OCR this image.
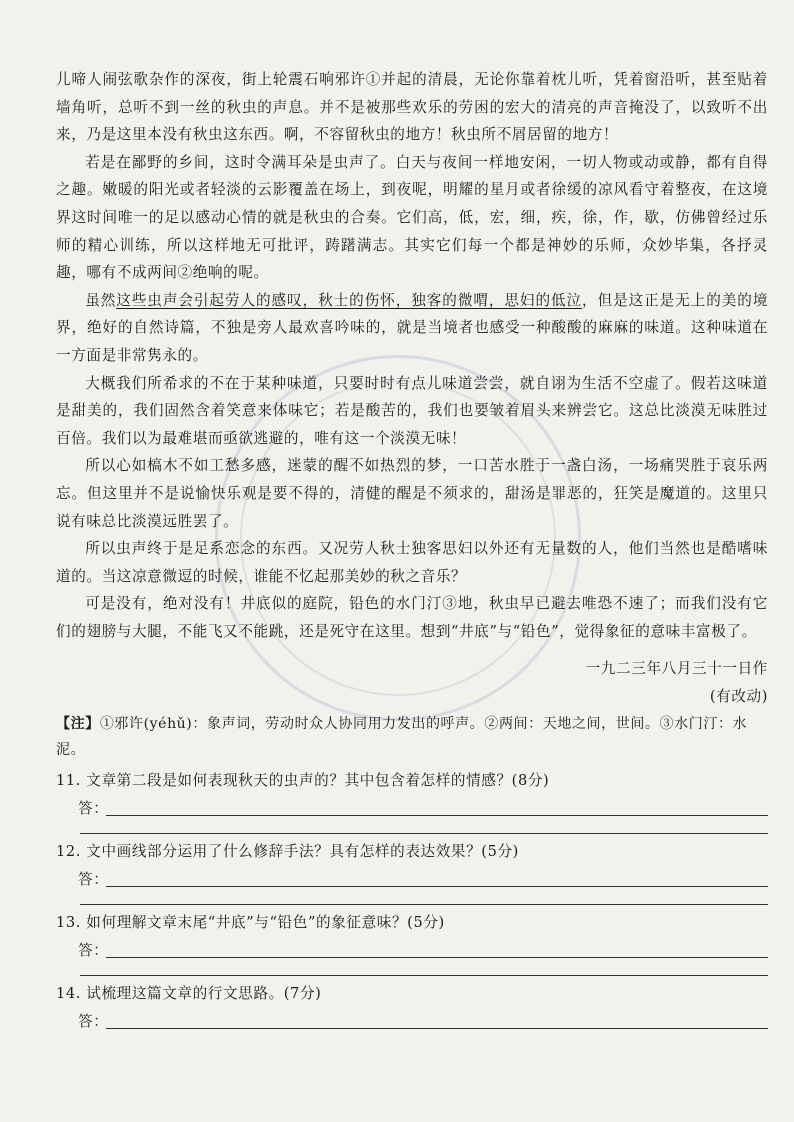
儿啼人闹弦歌杂作的深夜，街上轮震石响邪许①并起的清晨，无论你靠着枕儿听，凭着窗沿听，甚至贴着墙角听，总听不到一丝的秋虫的声息。并不是被那些欢乐的劳困的宏大的清亮的声音掩没了，以致听不出来，乃是这里本没有秋虫这东西。啊，不容留秋虫的地方！秋虫所不屑居留的地方！

若是在鄙野的乡间，这时令满耳朵是虫声了。白天与夜间一样地安闲，一切人物或动或静，都有自得之趣。嫩暖的阳光或者轻淡的云影覆盖在场上，到夜呢，明耀的星月或者徐缓的凉风看守着整夜，在这境界这时间唯一的足以感动心情的就是秋虫的合奏。它们高，低，宏，细，疾，徐，作，歇，仿佛曾经过乐师的精心训练，所以这样地无可批评，踌躇满志。其实它们每一个都是神妙的乐师，众妙毕集，各抒灵趣，哪有不成两间②绝响的呢。

虽然这些虫声会引起劳人的感叹，秋士的伤怀，独客的微喟，思妇的低泣，但是这正是无上的美的境界，绝好的自然诗篇，不独是旁人最欢喜吟味的，就是当境者也感受一种酸酸的麻麻的味道。这种味道在一方面是非常隽永的。

大概我们所希求的不在于某种味道，只要时时有点儿味道尝尝，就自诩为生活不空虚了。假若这味道是甜美的，我们固然含着笑意来体味它；若是酸苦的，我们也要皱着眉头来辨尝它。这总比淡漠无味胜过百倍。我们以为最难堪而亟欲逃避的，唯有这一个淡漠无味！

所以心如槁木不如工愁多感，迷蒙的醒不如热烈的梦，一口苦水胜于一盏白汤，一场痛哭胜于哀乐两忘。但这里并不是说愉快乐观是要不得的，清健的醒是不须求的，甜汤是罪恶的，狂笑是魔道的。这里只说有味总比淡漠远胜罢了。

所以虫声终于是足系恋念的东西。又况劳人秋士独客思妇以外还有无量数的人，他们当然也是酷嗜味道的。当这凉意微逗的时候，谁能不忆起那美妙的秋之音乐？

可是没有，绝对没有！井底似的庭院，铅色的水门汀③地，秋虫早已避去唯恐不速了；而我们没有它们的翅膀与大腿，不能飞又不能跳，还是死守在这里。想到“井底”与“铅色”，觉得象征的意味丰富极了。

一九二三年八月三十一日作

(有改动)

【注】①邪许(yéhǔ)：象声词，劳动时众人协同用力发出的呼声。②两间：天地之间，世间。③水门汀：水泥。

11. 文章第二段是如何表现秋天的虫声的？其中包含着怎样的情感？(8分)

答：

12. 文中画线部分运用了什么修辞手法？具有怎样的表达效果？(5分)

答：

13. 如何理解文章末尾“井底”与“铅色”的象征意味？(5分)

答：

14. 试梳理这篇文章的行文思路。(7分)

答：
